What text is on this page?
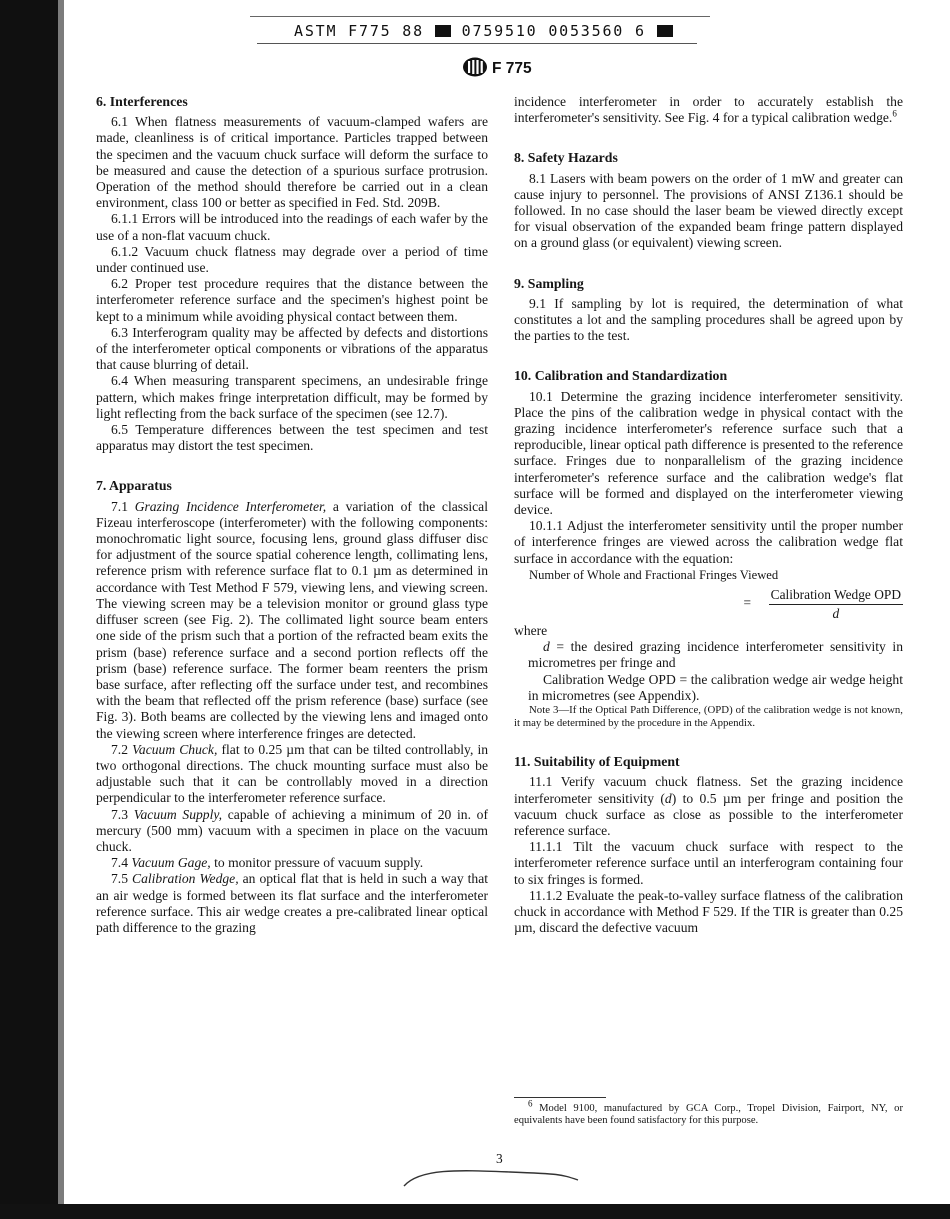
ASTM F775 88	0759510 0053560 6
F 775
6. Interferences

6.1 When flatness measurements of vacuum-clamped wafers are made, cleanliness is of critical importance. Particles trapped between the specimen and the vacuum chuck surface will deform the surface to be measured and cause the detection of a spurious surface protrusion. Operation of the method should therefore be carried out in a clean environment, class 100 or better as specified in Fed. Std. 209B.

6.1.1 Errors will be introduced into the readings of each wafer by the use of a non-flat vacuum chuck.

6.1.2 Vacuum chuck flatness may degrade over a period of time under continued use.

6.2 Proper test procedure requires that the distance between the interferometer reference surface and the specimen's highest point be kept to a minimum while avoiding physical contact between them.

6.3 Interferogram quality may be affected by defects and distortions of the interferometer optical components or vibrations of the apparatus that cause blurring of detail.

6.4 When measuring transparent specimens, an undesirable fringe pattern, which makes fringe interpretation difficult, may be formed by light reflecting from the back surface of the specimen (see 12.7).

6.5 Temperature differences between the test specimen and test apparatus may distort the test specimen.

7. Apparatus

7.1 Grazing Incidence Interferometer, a variation of the classical Fizeau interferoscope (interferometer) with the following components: monochromatic light source, focusing lens, ground glass diffuser disc for adjustment of the source spatial coherence length, collimating lens, reference prism with reference surface flat to 0.1 µm as determined in accordance with Test Method F 579, viewing lens, and viewing screen. The viewing screen may be a television monitor or ground glass type diffuser screen (see Fig. 2). The collimated light source beam enters one side of the prism such that a portion of the refracted beam exits the prism (base) reference surface and a second portion reflects off the prism (base) reference surface. The former beam reenters the prism base surface, after reflecting off the surface under test, and recombines with the beam that reflected off the prism reference (base) surface (see Fig. 3). Both beams are collected by the viewing lens and imaged onto the viewing screen where interference fringes are detected.

7.2 Vacuum Chuck, flat to 0.25 µm that can be tilted controllably, in two orthogonal directions. The chuck mounting surface must also be adjustable such that it can be controllably moved in a direction perpendicular to the interferometer reference surface.

7.3 Vacuum Supply, capable of achieving a minimum of 20 in. of mercury (500 mm) vacuum with a specimen in place on the vacuum chuck.

7.4 Vacuum Gage, to monitor pressure of vacuum supply.

7.5 Calibration Wedge, an optical flat that is held in such a way that an air wedge is formed between its flat surface and the interferometer reference surface. This air wedge creates a pre-calibrated linear optical path difference to the grazing

incidence interferometer in order to accurately establish the interferometer's sensitivity. See Fig. 4 for a typical calibration wedge.$^6$

8. Safety Hazards

8.1 Lasers with beam powers on the order of 1 mW and greater can cause injury to personnel. The provisions of ANSI Z136.1 should be followed. In no case should the laser beam be viewed directly except for visual observation of the expanded beam fringe pattern displayed on a ground glass (or equivalent) viewing screen.

9. Sampling

9.1 If sampling by lot is required, the determination of what constitutes a lot and the sampling procedures shall be agreed upon by the parties to the test.

10. Calibration and Standardization

10.1 Determine the grazing incidence interferometer sensitivity. Place the pins of the calibration wedge in physical contact with the grazing incidence interferometer's reference surface such that a reproducible, linear optical path difference is presented to the reference surface. Fringes due to nonparallelism of the grazing incidence interferometer's reference surface and the calibration wedge's flat surface will be formed and displayed on the interferometer viewing device.

10.1.1 Adjust the interferometer sensitivity until the proper number of interference fringes are viewed across the calibration wedge flat surface in accordance with the equation:

Number of Whole and Fractional Fringes Viewed

=
Calibration Wedge OPD
d

where

d = the desired grazing incidence interferometer sensitivity in micrometres per fringe and

Calibration Wedge OPD = the calibration wedge air wedge height in micrometres (see Appendix).

Note 3—If the Optical Path Difference, (OPD) of the calibration wedge is not known, it may be determined by the procedure in the Appendix.

11. Suitability of Equipment

11.1 Verify vacuum chuck flatness. Set the grazing incidence interferometer sensitivity (d) to 0.5 µm per fringe and position the vacuum chuck surface as close as possible to the interferometer reference surface.

11.1.1 Tilt the vacuum chuck surface with respect to the interferometer reference surface until an interferogram containing four to six fringes is formed.

11.1.2 Evaluate the peak-to-valley surface flatness of the calibration chuck in accordance with Method F 529. If the TIR is greater than 0.25 µm, discard the defective vacuum

$^6$ Model 9100, manufactured by GCA Corp., Tropel Division, Fairport, NY, or equivalents have been found satisfactory for this purpose.
3
